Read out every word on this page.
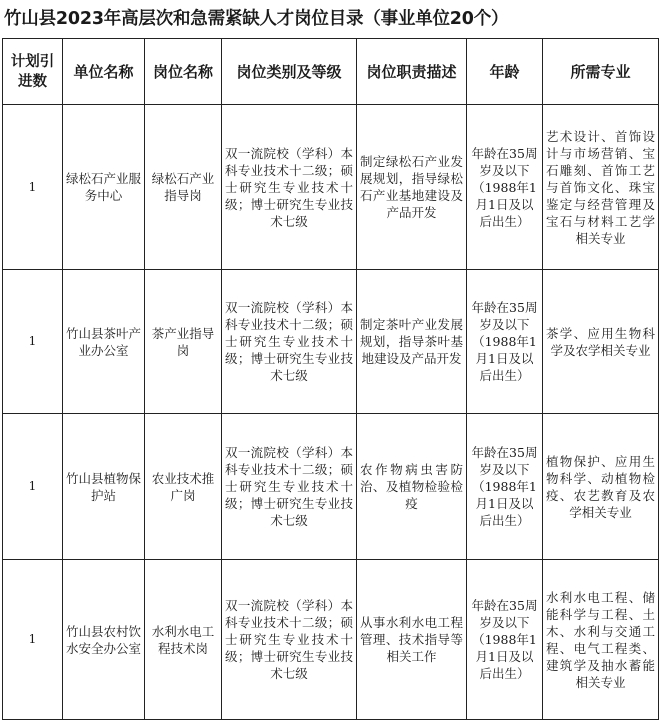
竹山县2023年高层次和急需紧缺人才岗位目录（事业单位20个）
计划引进数	单位名称	岗位名称	岗位类别及等级	岗位职责描述	年龄	所需专业
1	绿松石产业服务中心	绿松石产业指导岗	双一流院校（学科）本科专业技术十二级；硕士研究生专业技术十级；博士研究生专业技术七级	制定绿松石产业发展规划，指导绿松石产业基地建设及产品开发	年龄在35周岁及以下（1988年1月1日及以后出生）	艺术设计、首饰设计与市场营销、宝石雕刻、首饰工艺与首饰文化、珠宝鉴定与经营管理及宝石与材料工艺学相关专业
1	竹山县茶叶产业办公室	茶产业指导岗	双一流院校（学科）本科专业技术十二级；硕士研究生专业技术十级；博士研究生专业技术七级	制定茶叶产业发展规划，指导茶叶基地建设及产品开发	年龄在35周岁及以下（1988年1月1日及以后出生）	茶学、应用生物科学及农学相关专业
1	竹山县植物保护站	农业技术推广岗	双一流院校（学科）本科专业技术十二级；硕士研究生专业技术十级；博士研究生专业技术七级	农作物病虫害防治、及植物检验检疫	年龄在35周岁及以下（1988年1月1日及以后出生）	植物保护、应用生物科学、动植物检疫、农艺教育及农学相关专业
1	竹山县农村饮水安全办公室	水利水电工程技术岗	双一流院校（学科）本科专业技术十二级；硕士研究生专业技术十级；博士研究生专业技术七级	从事水利水电工程管理、技术指导等相关工作	年龄在35周岁及以下（1988年1月1日及以后出生）	水利水电工程、储能科学与工程、土木、水利与交通工程、电气工程类、建筑学及抽水蓄能相关专业
